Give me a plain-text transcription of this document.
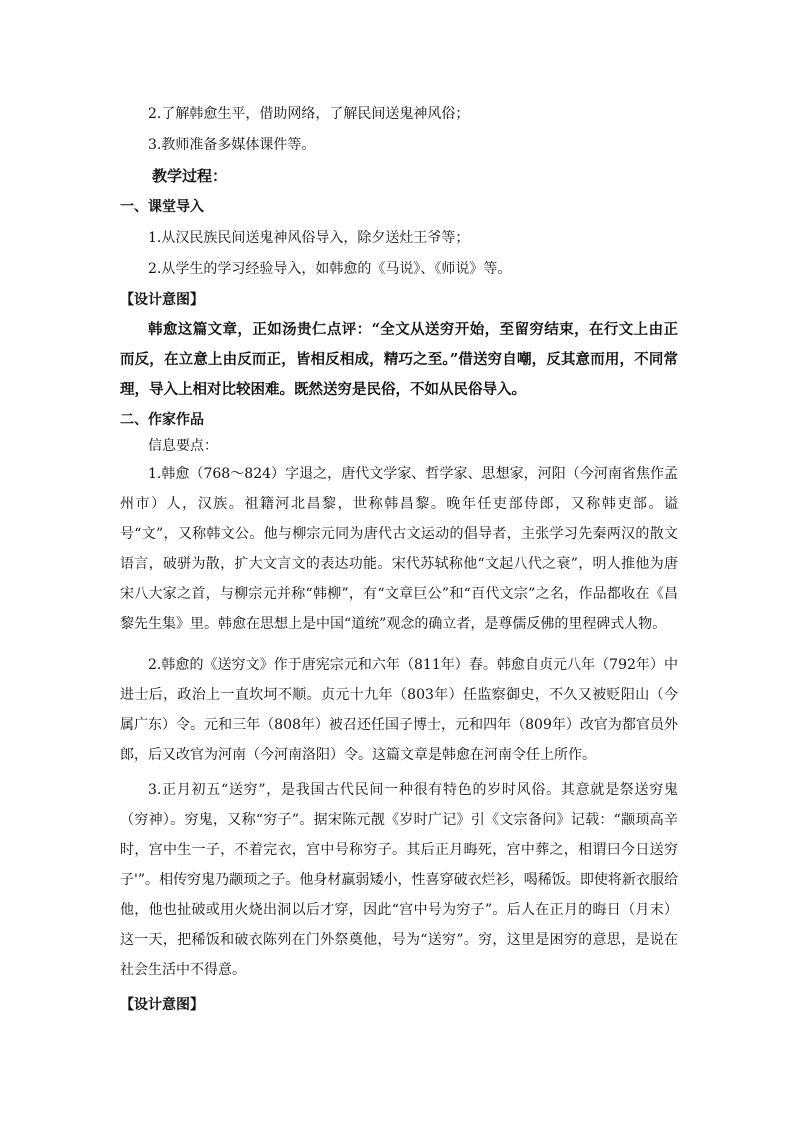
2.了解韩愈生平，借助网络，了解民间送鬼神风俗；
3.教师准备多媒体课件等。
教学过程：
一、课堂导入
1.从汉民族民间送鬼神风俗导入，除夕送灶王爷等；
2.从学生的学习经验导入，如韩愈的《马说》、《师说》等。
【设计意图】

韩愈这篇文章，正如汤贵仁点评：“全文从送穷开始，至留穷结束，在行文上由正而反，在立意上由反而正，皆相反相成，精巧之至。”借送穷自嘲，反其意而用，不同常理，导入上相对比较困难。既然送穷是民俗，不如从民俗导入。

二、作家作品
信息要点：

1.韩愈（768～824）字退之，唐代文学家、哲学家、思想家，河阳（今河南省焦作孟州市）人，汉族。祖籍河北昌黎，世称韩昌黎。晚年任吏部侍郎，又称韩吏部。谥号“文”，又称韩文公。他与柳宗元同为唐代古文运动的倡导者，主张学习先秦两汉的散文语言，破骈为散，扩大文言文的表达功能。宋代苏轼称他“文起八代之衰”，明人推他为唐宋八大家之首，与柳宗元并称“韩柳”，有“文章巨公”和“百代文宗”之名，作品都收在《昌黎先生集》里。韩愈在思想上是中国“道统”观念的确立者，是尊儒反佛的里程碑式人物。

2.韩愈的《送穷文》作于唐宪宗元和六年（811年）春。韩愈自贞元八年（792年）中进士后，政治上一直坎坷不顺。贞元十九年（803年）任监察御史，不久又被贬阳山（今属广东）令。元和三年（808年）被召还任国子博士，元和四年（809年）改官为都官员外郎，后又改官为河南（今河南洛阳）令。这篇文章是韩愈在河南令任上所作。

3.正月初五“送穷”，是我国古代民间一种很有特色的岁时风俗。其意就是祭送穷鬼（穷神）。穷鬼，又称“穷子”。据宋陈元靓《岁时广记》引《文宗备问》记载：“颛顼高辛时，宫中生一子，不着完衣，宫中号称穷子。其后正月晦死，宫中葬之，相谓曰今日送穷子'”。相传穷鬼乃颛顼之子。他身材羸弱矮小，性喜穿破衣烂衫，喝稀饭。即使将新衣服给他，他也扯破或用火烧出洞以后才穿，因此“宫中号为穷子”。后人在正月的晦日（月末）这一天，把稀饭和破衣陈列在门外祭奠他，号为“送穷”。穷，这里是困穷的意思，是说在社会生活中不得意。

【设计意图】
